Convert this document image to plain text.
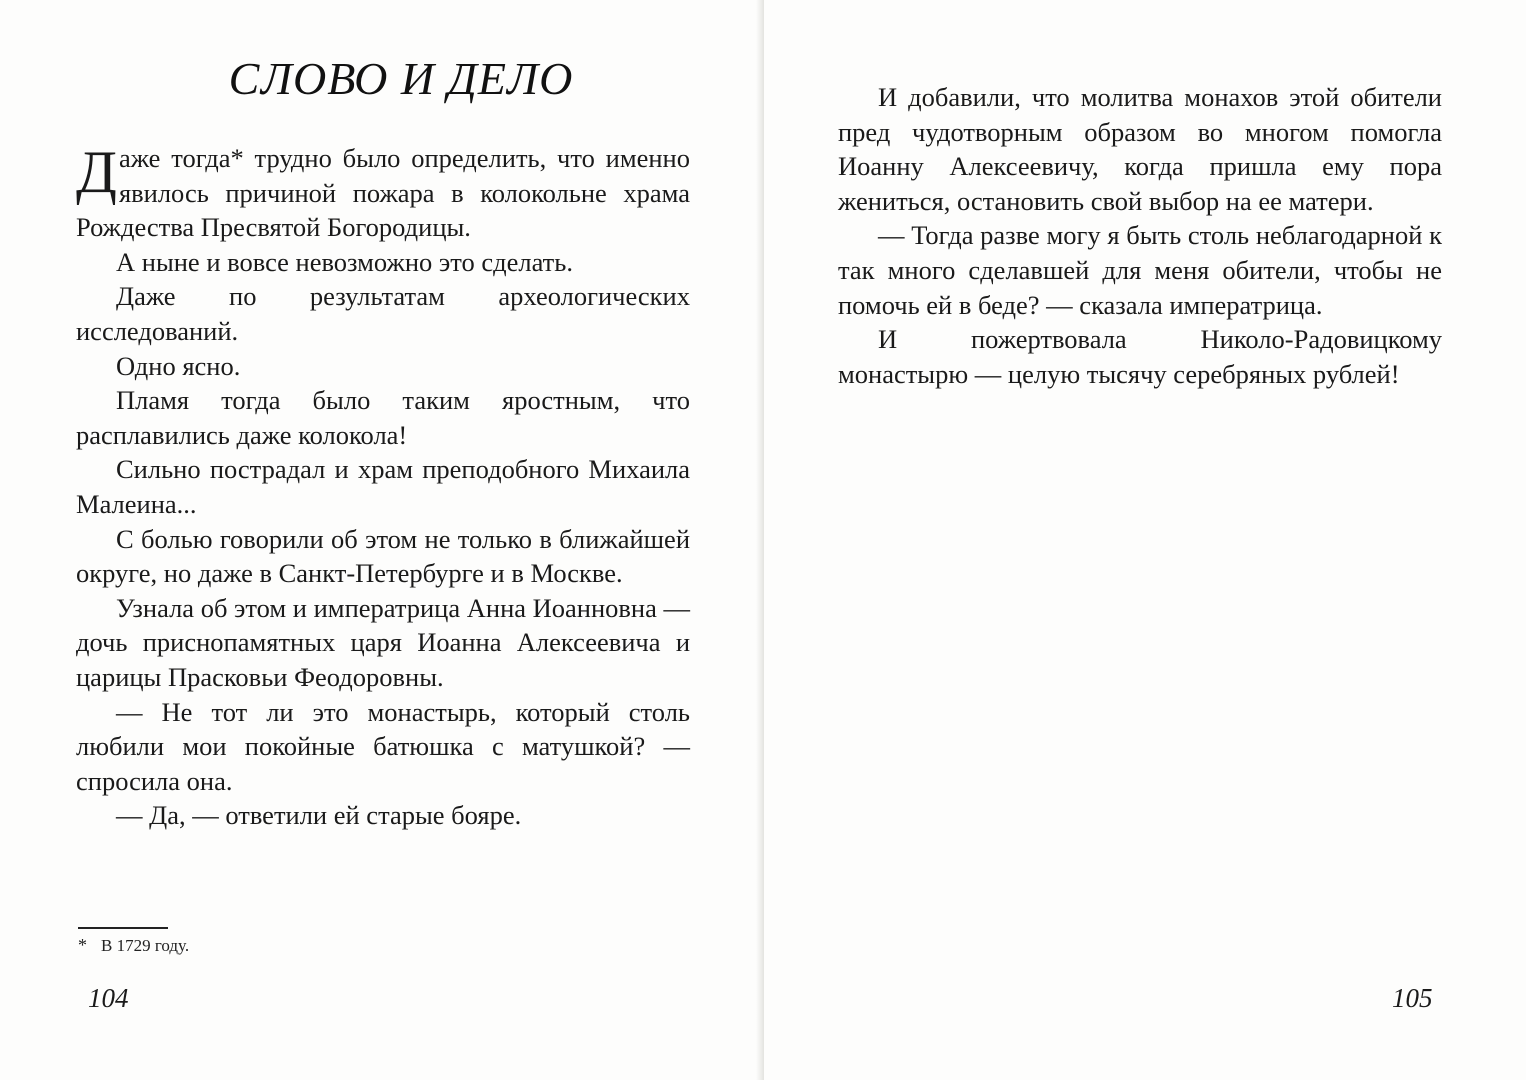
СЛОВО И ДЕЛО

Даже тогда* трудно было определить, что именно явилось причиной пожара в колокольне храма Рождества Пресвятой Богородицы.

А ныне и вовсе невозможно это сделать.

Даже по результатам археологических исследований.

Одно ясно.

Пламя тогда было таким яростным, что расплавились даже колокола!

Сильно пострадал и храм преподобного Михаила Малеина...

С болью говорили об этом не только в ближайшей округе, но даже в Санкт-Петербурге и в Москве.

Узнала об этом и императрица Анна Иоанновна — дочь приснопамятных царя Иоанна Алексеевича и царицы Прасковьи Феодоровны.

— Не тот ли это монастырь, который столь любили мои покойные батюшка с матушкой? — спросила она.

— Да, — ответили ей старые бояре.

* В 1729 году.
104	105

И добавили, что молитва монахов этой обители пред чудотворным образом во многом помогла Иоанну Алексеевичу, когда пришла ему пора жениться, остановить свой выбор на ее матери.

— Тогда разве могу я быть столь неблагодарной к так много сделавшей для меня обители, чтобы не помочь ей в беде? — сказала императрица.

И пожертвовала Николо-Радовицкому монастырю — целую тысячу серебряных рублей!
